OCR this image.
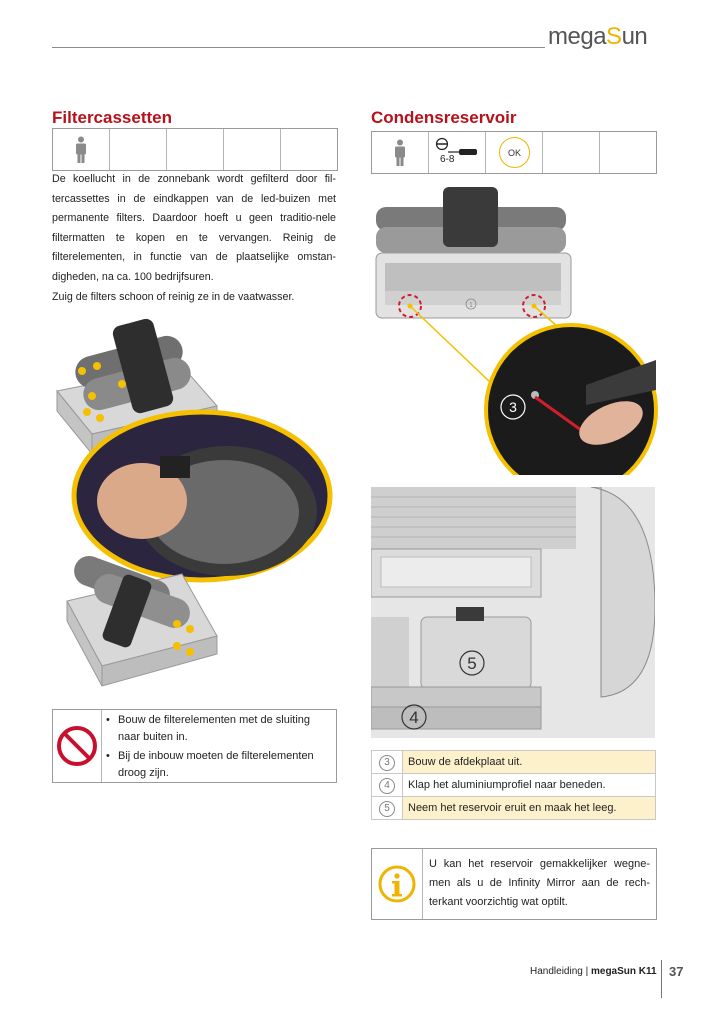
megaSun
Filtercassetten

De koellucht in de zonnebank wordt gefilterd door fil-tercassettes in de eindkappen van de led-buizen met permanente filters. Daardoor hoeft u geen traditio-nele filtermatten te kopen en te vervangen. Reinig de filterelementen, in functie van de plaatselijke omstan-digheden, na ca. 100 bedrijfsuren.

Zuig de filters schoon of reinig ze in de vaatwasser.

• Bouw de filterelementen met de sluiting naar buiten in.
• Bij de inbouw moeten de filterelementen droog zijn.
Condensreservoir
6-8
OK
1
3
5
4
3	Bouw de afdekplaat uit.
4	Klap het aluminiumprofiel naar beneden.
5	Neem het reservoir eruit en maak het leeg.
U kan het reservoir gemakkelijker wegne-men als u de Infinity Mirror aan de rech-terkant voorzichtig wat optilt.
Handleiding | megaSun K11 37
